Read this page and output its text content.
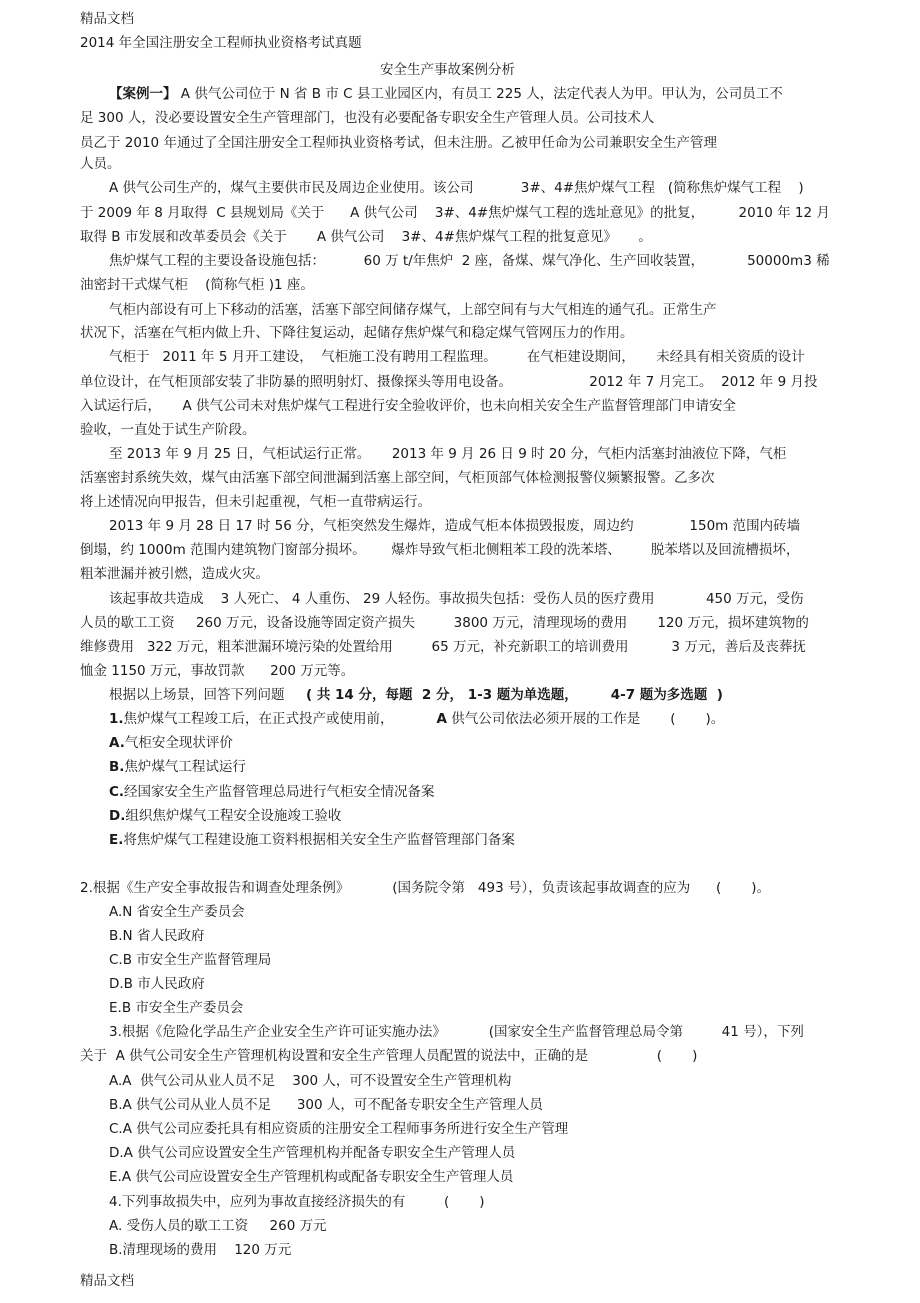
精品文档
2014 年全国注册安全工程师执业资格考试真题
安全生产事故案例分析
【案例一】 A 供气公司位于 N 省 B 市 C 县工业园区内，有员工 225 人，法定代表人为甲。甲认为，公司员工不
足 300 人，没必要设置安全生产管理部门，也没有必要配备专职安全生产管理人员。公司技术人
员乙于 2010 年通过了全国注册安全工程师执业资格考试，但未注册。乙被甲任命为公司兼职安全生产管理
人员。
A 供气公司生产的，煤气主要供市民及周边企业使用。该公司           3#、4#焦炉煤气工程   (简称焦炉煤气工程    )
于 2009 年 8 月取得  C 县规划局《关于      A 供气公司    3#、4#焦炉煤气工程的选址意见》的批复，        2010 年 12 月
取得 B 市发展和改革委员会《关于       A 供气公司    3#、4#焦炉煤气工程的批复意见》     。
焦炉煤气工程的主要设备设施包括：         60 万 t/年焦炉  2 座，备煤、煤气净化、生产回收装置，          50000m3 稀
油密封干式煤气柜    (简称气柜 )1 座。
气柜内部设有可上下移动的活塞，活塞下部空间储存煤气，上部空间有与大气相连的通气孔。正常生产
状况下，活塞在气柜内做上升、下降往复运动，起储存焦炉煤气和稳定煤气管网压力的作用。
气柜于   2011 年 5 月开工建设，  气柜施工没有聘用工程监理。       在气柜建设期间，     未经具有相关资质的设计
单位设计，在气柜顶部安装了非防暴的照明射灯、摄像探头等用电设备。                  2012 年 7 月完工。  2012 年 9 月投
入试运行后，     A 供气公司未对焦炉煤气工程进行安全验收评价，也未向相关安全生产监督管理部门申请安全
验收，一直处于试生产阶段。
至 2013 年 9 月 25 日，气柜试运行正常。     2013 年 9 月 26 日 9 时 20 分，气柜内活塞封油液位下降，气柜
活塞密封系统失效，煤气由活塞下部空间泄漏到活塞上部空间，气柜顶部气体检测报警仪频繁报警。乙多次
将上述情况向甲报告，但未引起重视，气柜一直带病运行。
2013 年 9 月 28 日 17 时 56 分，气柜突然发生爆炸，造成气柜本体损毁报废，周边约             150m 范围内砖墙
倒塌，约 1000m 范围内建筑物门窗部分损坏。      爆炸导致气柜北侧粗苯工段的洗苯塔、       脱苯塔以及回流槽损坏，
粗苯泄漏并被引燃，造成火灾。
该起事故共造成    3 人死亡、 4 人重伤、 29 人轻伤。事故损失包括：受伤人员的医疗费用            450 万元，受伤
人员的歇工工资     260 万元，设备设施等固定资产损失         3800 万元，清理现场的费用       120 万元，损坏建筑物的
维修费用   322 万元，粗苯泄漏环境污染的处置给用         65 万元，补充新职工的培训费用          3 万元，善后及丧葬抚
恤金 1150 万元，事故罚款      200 万元等。
根据以上场景，回答下列问题 ( 共 14 分，每题  2 分， 1-3 题为单选题，       4-7 题为多选题  )
1.焦炉煤气工程竣工后，在正式投产或使用前，          A 供气公司依法必须开展的工作是       (       )。
A.气柜安全现状评价
B.焦炉煤气工程试运行
C.经国家安全生产监督管理总局进行气柜安全情况备案
D.组织焦炉煤气工程安全设施竣工验收
E.将焦炉煤气工程建设施工资料根据相关安全生产监督管理部门备案
2.根据《生产安全事故报告和调查处理条例》          (国务院令第   493 号），负责该起事故调查的应为      (       )。
A.N 省安全生产委员会
B.N 省人民政府
C.B 市安全生产监督管理局
D.B 市人民政府
E.B 市安全生产委员会
3.根据《危险化学品生产企业安全生产许可证实施办法》          (国家安全生产监督管理总局令第         41 号），下列
关于  A 供气公司安全生产管理机构设置和安全生产管理人员配置的说法中，正确的是                (       )
A.A  供气公司从业人员不足    300 人，可不设置安全生产管理机构
B.A 供气公司从业人员不足      300 人，可不配备专职安全生产管理人员
C.A 供气公司应委托具有相应资质的注册安全工程师事务所进行安全生产管理
D.A 供气公司应设置安全生产管理机构并配备专职安全生产管理人员
E.A 供气公司应设置安全生产管理机构或配备专职安全生产管理人员
4.下列事故损失中，应列为事故直接经济损失的有         (       )
A. 受伤人员的歇工工资     260 万元
B.清理现场的费用    120 万元
精品文档
